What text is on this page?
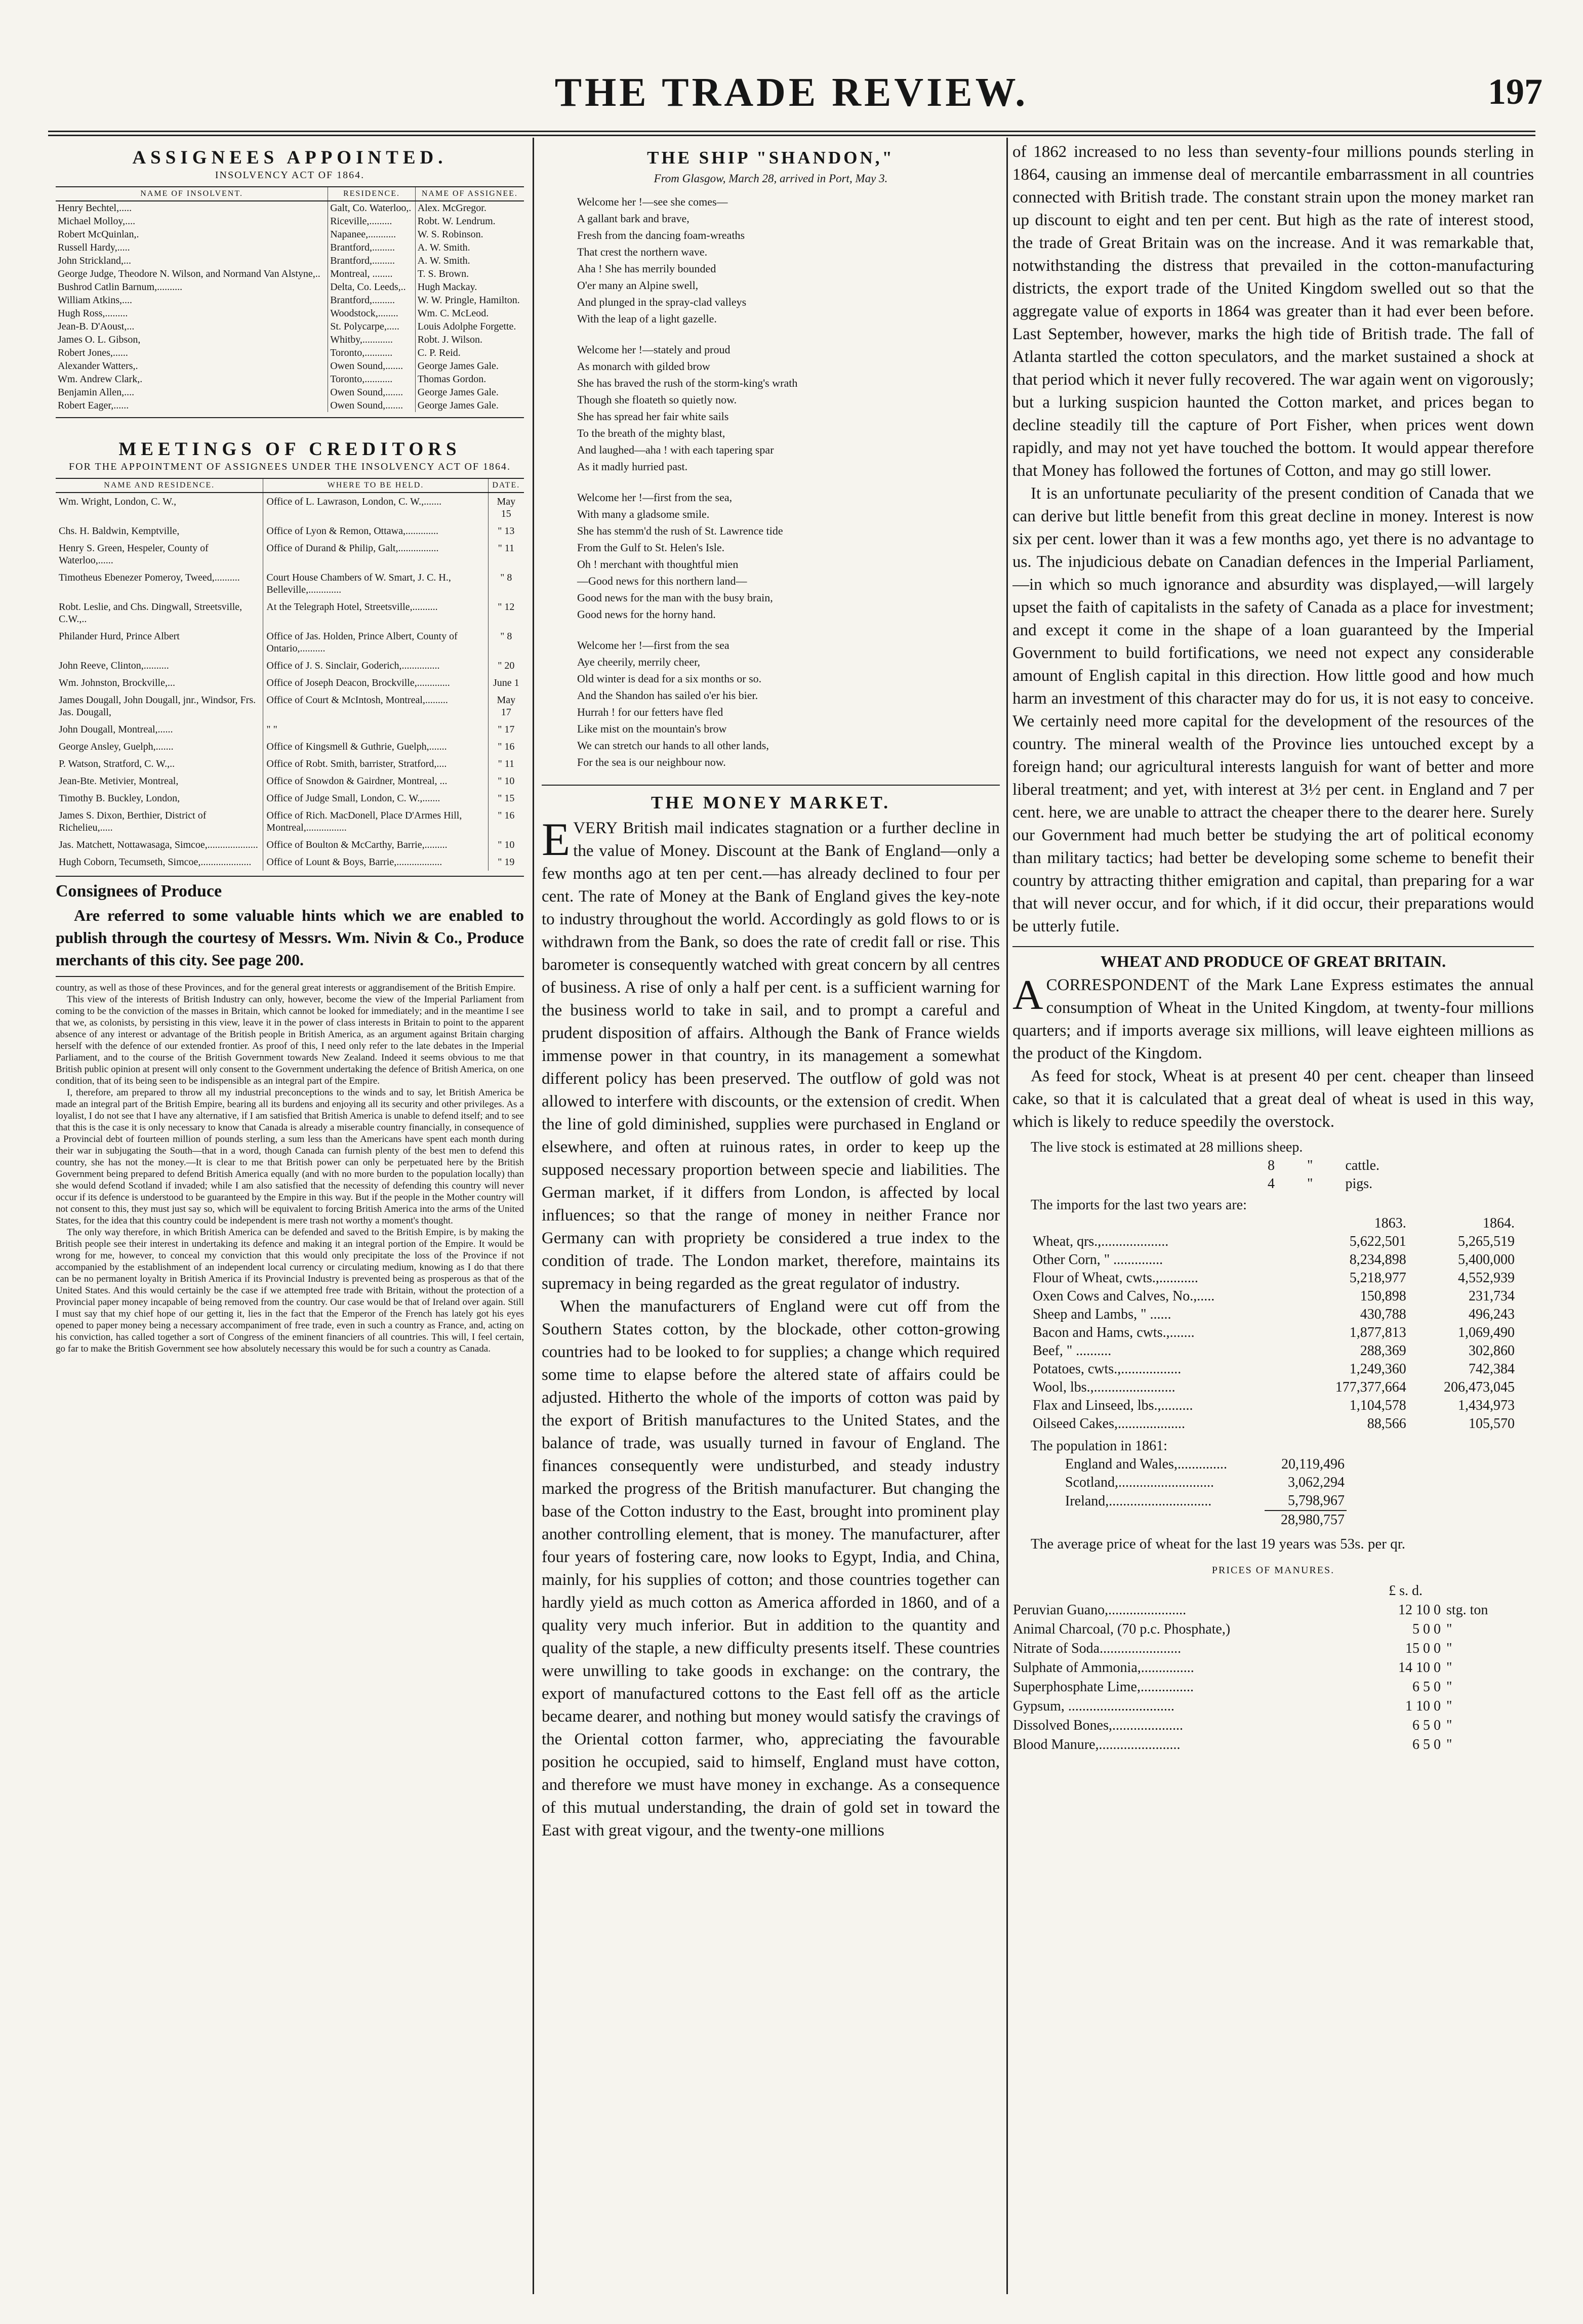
THE TRADE REVIEW.	197
ASSIGNEES APPOINTED.
INSOLVENCY ACT OF 1864.
NAME OF INSOLVENT.	RESIDENCE.	NAME OF ASSIGNEE.
Henry Bechtel,.....	Galt, Co. Waterloo,.	Alex. McGregor.
Michael Molloy,....	Riceville,.........	Robt. W. Lendrum.
Robert McQuinlan,.	Napanee,...........	W. S. Robinson.
Russell Hardy,.....	Brantford,.........	A. W. Smith.
John Strickland,...	Brantford,.........	A. W. Smith.
George Judge, Theodore N. Wilson, and Normand Van Alstyne,..	Montreal, ........	T. S. Brown.
Bushrod Catlin Barnum,..........	Delta, Co. Leeds,..	Hugh Mackay.
William Atkins,....	Brantford,.........	W. W. Pringle, Hamilton.
Hugh Ross,.........	Woodstock,........	Wm. C. McLeod.
Jean-B. D'Aoust,...	St. Polycarpe,.....	Louis Adolphe Forgette.
James O. L. Gibson,	Whitby,............	Robt. J. Wilson.
Robert Jones,......	Toronto,...........	C. P. Reid.
Alexander Watters,.	Owen Sound,.......	George James Gale.
Wm. Andrew Clark,.	Toronto,...........	Thomas Gordon.
Benjamin Allen,....	Owen Sound,.......	George James Gale.
Robert Eager,......	Owen Sound,.......	George James Gale.
MEETINGS OF CREDITORS
FOR THE APPOINTMENT OF ASSIGNEES UNDER THE INSOLVENCY ACT OF 1864.
NAME AND RESIDENCE.	WHERE TO BE HELD.	DATE.
Wm. Wright, London, C. W.,	Office of L. Lawrason, London, C. W.,.......	May 15
Chs. H. Baldwin, Kemptville,	Office of Lyon & Remon, Ottawa,.............	" 13
Henry S. Green, Hespeler, County of Waterloo,......	Office of Durand & Philip, Galt,................	" 11
Timotheus Ebenezer Pomeroy, Tweed,..........	Court House Chambers of W. Smart, J. C. H., Belleville,.............	" 8
Robt. Leslie, and Chs. Dingwall, Streetsville, C.W.,..	At the Telegraph Hotel, Streetsville,..........	" 12
Philander Hurd, Prince Albert	Office of Jas. Holden, Prince Albert, County of Ontario,..........	" 8
John Reeve, Clinton,..........	Office of J. S. Sinclair, Goderich,...............	" 20
Wm. Johnston, Brockville,...	Office of Joseph Deacon, Brockville,.............	June 1
James Dougall, John Dougall, jnr., Windsor, Frs. Jas. Dougall,	Office of Court & McIntosh, Montreal,.........	May 17
John Dougall, Montreal,......	" "	" 17
George Ansley, Guelph,.......	Office of Kingsmell & Guthrie, Guelph,.......	" 16
P. Watson, Stratford, C. W.,..	Office of Robt. Smith, barrister, Stratford,....	" 11
Jean-Bte. Metivier, Montreal,	Office of Snowdon & Gairdner, Montreal, ...	" 10
Timothy B. Buckley, London,	Office of Judge Small, London, C. W.,.......	" 15
James S. Dixon, Berthier, District of Richelieu,.....	Office of Rich. MacDonell, Place D'Armes Hill, Montreal,................	" 16
Jas. Matchett, Nottawasaga, Simcoe,....................	Office of Boulton & McCarthy, Barrie,.........	" 10
Hugh Coborn, Tecumseth, Simcoe,....................	Office of Lount & Boys, Barrie,..................	" 19
Consignees of Produce

Are referred to some valuable hints which we are enabled to publish through the courtesy of Messrs. Wm. Nivin & Co., Produce merchants of this city. See page 200.

country, as well as those of these Provinces, and for the general great interests or aggrandisement of the British Empire.

This view of the interests of British Industry can only, however, become the view of the Imperial Parliament from coming to be the conviction of the masses in Britain, which cannot be looked for immediately; and in the meantime I see that we, as colonists, by persisting in this view, leave it in the power of class interests in Britain to point to the apparent absence of any interest or advantage of the British people in British America, as an argument against Britain charging herself with the defence of our extended frontier. As proof of this, I need only refer to the late debates in the Imperial Parliament, and to the course of the British Government towards New Zealand. Indeed it seems obvious to me that British public opinion at present will only consent to the Government undertaking the defence of British America, on one condition, that of its being seen to be indispensible as an integral part of the Empire.

I, therefore, am prepared to throw all my industrial preconceptions to the winds and to say, let British America be made an integral part of the British Empire, bearing all its burdens and enjoying all its security and other privileges. As a loyalist, I do not see that I have any alternative, if I am satisfied that British America is unable to defend itself; and to see that this is the case it is only necessary to know that Canada is already a miserable country financially, in consequence of a Provincial debt of fourteen million of pounds sterling, a sum less than the Americans have spent each month during their war in subjugating the South—that in a word, though Canada can furnish plenty of the best men to defend this country, she has not the money.—It is clear to me that British power can only be perpetuated here by the British Government being prepared to defend British America equally (and with no more burden to the population locally) than she would defend Scotland if invaded; while I am also satisfied that the necessity of defending this country will never occur if its defence is understood to be guaranteed by the Empire in this way. But if the people in the Mother country will not consent to this, they must just say so, which will be equivalent to forcing British America into the arms of the United States, for the idea that this country could be independent is mere trash not worthy a moment's thought.

The only way therefore, in which British America can be defended and saved to the British Empire, is by making the British people see their interest in undertaking its defence and making it an integral portion of the Empire. It would be wrong for me, however, to conceal my conviction that this would only precipitate the loss of the Province if not accompanied by the establishment of an independent local currency or circulating medium, knowing as I do that there can be no permanent loyalty in British America if its Provincial Industry is prevented being as prosperous as that of the United States. And this would certainly be the case if we attempted free trade with Britain, without the protection of a Provincial paper money incapable of being removed from the country. Our case would be that of Ireland over again. Still I must say that my chief hope of our getting it, lies in the fact that the Emperor of the French has lately got his eyes opened to paper money being a necessary accompaniment of free trade, even in such a country as France, and, acting on his conviction, has called together a sort of Congress of the eminent financiers of all countries. This will, I feel certain, go far to make the British Government see how absolutely necessary this would be for such a country as Canada.

THE SHIP "SHANDON,"
From Glasgow, March 28, arrived in Port, May 3.
Welcome her !—see she comes—
A gallant bark and brave,
Fresh from the dancing foam-wreaths
That crest the northern wave.
Aha ! She has merrily bounded
O'er many an Alpine swell,
And plunged in the spray-clad valleys
With the leap of a light gazelle.
Welcome her !—stately and proud
As monarch with gilded brow
She has braved the rush of the storm-king's wrath
Though she floateth so quietly now.
She has spread her fair white sails
To the breath of the mighty blast,
And laughed—aha ! with each tapering spar
As it madly hurried past.
Welcome her !—first from the sea,
With many a gladsome smile.
She has stemm'd the rush of St. Lawrence tide
From the Gulf to St. Helen's Isle.
Oh ! merchant with thoughtful mien
—Good news for this northern land—
Good news for the man with the busy brain,
Good news for the horny hand.
Welcome her !—first from the sea
Aye cheerily, merrily cheer,
Old winter is dead for a six months or so.
And the Shandon has sailed o'er his bier.
Hurrah ! for our fetters have fled
Like mist on the mountain's brow
We can stretch our hands to all other lands,
For the sea is our neighbour now.
THE MONEY MARKET.

EVERY British mail indicates stagnation or a further decline in the value of Money. Discount at the Bank of England—only a few months ago at ten per cent.—has already declined to four per cent. The rate of Money at the Bank of England gives the key-note to industry throughout the world. Accordingly as gold flows to or is withdrawn from the Bank, so does the rate of credit fall or rise. This barometer is consequently watched with great concern by all centres of business. A rise of only a half per cent. is a sufficient warning for the business world to take in sail, and to prompt a careful and prudent disposition of affairs. Although the Bank of France wields immense power in that country, in its management a somewhat different policy has been preserved. The outflow of gold was not allowed to interfere with discounts, or the extension of credit. When the line of gold diminished, supplies were purchased in England or elsewhere, and often at ruinous rates, in order to keep up the supposed necessary proportion between specie and liabilities. The German market, if it differs from London, is affected by local influences; so that the range of money in neither France nor Germany can with propriety be considered a true index to the condition of trade. The London market, therefore, maintains its supremacy in being regarded as the great regulator of industry.

When the manufacturers of England were cut off from the Southern States cotton, by the blockade, other cotton-growing countries had to be looked to for supplies; a change which required some time to elapse before the altered state of affairs could be adjusted. Hitherto the whole of the imports of cotton was paid by the export of British manufactures to the United States, and the balance of trade, was usually turned in favour of England. The finances consequently were undisturbed, and steady industry marked the progress of the British manufacturer. But changing the base of the Cotton industry to the East, brought into prominent play another controlling element, that is money. The manufacturer, after four years of fostering care, now looks to Egypt, India, and China, mainly, for his supplies of cotton; and those countries together can hardly yield as much cotton as America afforded in 1860, and of a quality very much inferior. But in addition to the quantity and quality of the staple, a new difficulty presents itself. These countries were unwilling to take goods in exchange: on the contrary, the export of manufactured cottons to the East fell off as the article became dearer, and nothing but money would satisfy the cravings of the Oriental cotton farmer, who, appreciating the favourable position he occupied, said to himself, England must have cotton, and therefore we must have money in exchange. As a consequence of this mutual understanding, the drain of gold set in toward the East with great vigour, and the twenty-one millions

of 1862 increased to no less than seventy-four millions pounds sterling in 1864, causing an immense deal of mercantile embarrassment in all countries connected with British trade. The constant strain upon the money market ran up discount to eight and ten per cent. But high as the rate of interest stood, the trade of Great Britain was on the increase. And it was remarkable that, notwithstanding the distress that prevailed in the cotton-manufacturing districts, the export trade of the United Kingdom swelled out so that the aggregate value of exports in 1864 was greater than it had ever been before. Last September, however, marks the high tide of British trade. The fall of Atlanta startled the cotton speculators, and the market sustained a shock at that period which it never fully recovered. The war again went on vigorously; but a lurking suspicion haunted the Cotton market, and prices began to decline steadily till the capture of Port Fisher, when prices went down rapidly, and may not yet have touched the bottom. It would appear therefore that Money has followed the fortunes of Cotton, and may go still lower.

It is an unfortunate peculiarity of the present condition of Canada that we can derive but little benefit from this great decline in money. Interest is now six per cent. lower than it was a few months ago, yet there is no advantage to us. The injudicious debate on Canadian defences in the Imperial Parliament,—in which so much ignorance and absurdity was displayed,—will largely upset the faith of capitalists in the safety of Canada as a place for investment; and except it come in the shape of a loan guaranteed by the Imperial Government to build fortifications, we need not expect any considerable amount of English capital in this direction. How little good and how much harm an investment of this character may do for us, it is not easy to conceive. We certainly need more capital for the development of the resources of the country. The mineral wealth of the Province lies untouched except by a foreign hand; our agricultural interests languish for want of better and more liberal treatment; and yet, with interest at 3½ per cent. in England and 7 per cent. here, we are unable to attract the cheaper there to the dearer here. Surely our Government had much better be studying the art of political economy than military tactics; had better be developing some scheme to benefit their country by attracting thither emigration and capital, than preparing for a war that will never occur, and for which, if it did occur, their preparations would be utterly futile.

WHEAT AND PRODUCE OF GREAT BRITAIN.

ACORRESPONDENT of the Mark Lane Express estimates the annual consumption of Wheat in the United Kingdom, at twenty-four millions quarters; and if imports average six millions, will leave eighteen millions as the product of the Kingdom.

As feed for stock, Wheat is at present 40 per cent. cheaper than linseed cake, so that it is calculated that a great deal of wheat is used in this way, which is likely to reduce speedily the overstock.

The live stock is estimated at 28 millions sheep.
8	"	cattle.
4	"	pigs.
The imports for the last two years are:
	1863.	1864.
Wheat, qrs.,...................	5,622,501	5,265,519
Other Corn, " ..............	8,234,898	5,400,000
Flour of Wheat, cwts.,...........	5,218,977	4,552,939
Oxen Cows and Calves, No.,.....	150,898	231,734
Sheep and Lambs, " ......	430,788	496,243
Bacon and Hams, cwts.,.......	1,877,813	1,069,490
Beef, " ..........	288,369	302,860
Potatoes, cwts.,.................	1,249,360	742,384
Wool, lbs.,.......................	177,377,664	206,473,045
Flax and Linseed, lbs.,.........	1,104,578	1,434,973
Oilseed Cakes,...................	88,566	105,570
The population in 1861:
England and Wales,..............	20,119,496
Scotland,...........................	3,062,294
Ireland,.............................	5,798,967
	28,980,757

The average price of wheat for the last 19 years was 53s. per qr.

PRICES OF MANURES.
	£ s. d.	
Peruvian Guano,......................	12 10 0	stg. ton
Animal Charcoal, (70 p.c. Phosphate,)	5 0 0	"
Nitrate of Soda.......................	15 0 0	"
Sulphate of Ammonia,...............	14 10 0	"
Superphosphate Lime,...............	6 5 0	"
Gypsum, ..............................	1 10 0	"
Dissolved Bones,....................	6 5 0	"
Blood Manure,.......................	6 5 0	"
